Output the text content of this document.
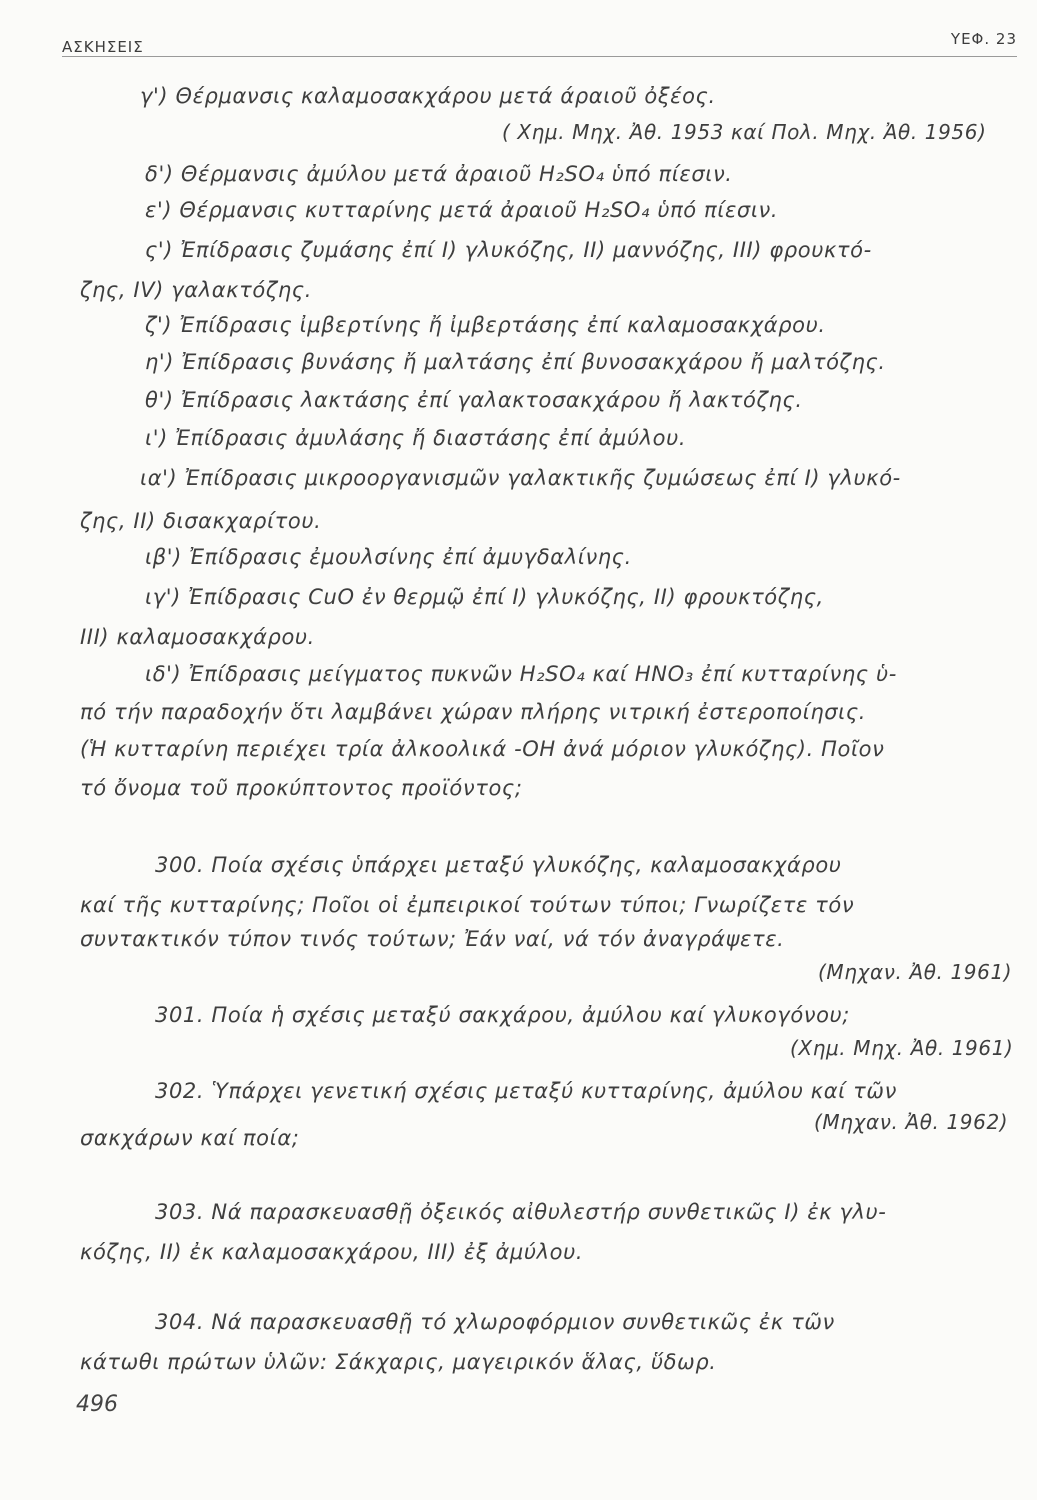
ΑΣΚΗΣΕΙΣ	ΥΕΦ. 23
γ') Θέρμανσις καλαμοσακχάρου μετά άραιοῦ ὀξέος.
( Χημ. Μηχ. Ἀθ. 1953 καί Πολ. Μηχ. Ἀθ. 1956)
δ') Θέρμανσις ἀμύλου μετά ἀραιοῦ H₂SO₄ ὑπό πίεσιν.
ε') Θέρμανσις κυτταρίνης μετά ἀραιοῦ H₂SO₄ ὑπό πίεσιν.
ς') Ἐπίδρασις ζυμάσης ἐπί Ι) γλυκόζης, ΙΙ) μαννόζης, ΙΙΙ) φρουκτό-
ζης, ΙV) γαλακτόζης.
ζ') Ἐπίδρασις ἰμβερτίνης ἤ ἰμβερτάσης ἐπί καλαμοσακχάρου.
η') Ἐπίδρασις βυνάσης ἤ μαλτάσης ἐπί βυνοσακχάρου ἤ μαλτόζης.
θ') Ἐπίδρασις λακτάσης ἐπί γαλακτοσακχάρου ἤ λακτόζης.
ι') Ἐπίδρασις ἀμυλάσης ἤ διαστάσης ἐπί ἀμύλου.
ια') Ἐπίδρασις μικροοργανισμῶν γαλακτικῆς ζυμώσεως ἐπί Ι) γλυκό-
ζης, ΙΙ) δισακχαρίτου.
ιβ') Ἐπίδρασις ἐμουλσίνης ἐπί ἀμυγδαλίνης.
ιγ') Ἐπίδρασις CuO ἐν θερμῷ ἐπί Ι) γλυκόζης, ΙΙ) φρουκτόζης,
ΙΙΙ) καλαμοσακχάρου.
ιδ') Ἐπίδρασις μείγματος πυκνῶν H₂SO₄ καί HNO₃ ἐπί κυτταρίνης ὑ-
πό τήν παραδοχήν ὅτι λαμβάνει χώραν πλήρης νιτρική ἐστεροποίησις.
(Ἡ κυτταρίνη περιέχει τρία ἀλκοολικά -OH ἀνά μόριον γλυκόζης). Ποῖον
τό ὄνομα τοῦ προκύπτοντος προϊόντος;
300. Ποία σχέσις ὑπάρχει μεταξύ γλυκόζης, καλαμοσακχάρου
καί τῆς κυτταρίνης; Ποῖοι οἱ ἐμπειρικοί τούτων τύποι; Γνωρίζετε τόν
συντακτικόν τύπον τινός τούτων; Ἐάν ναί, νά τόν ἀναγράψετε.
(Μηχαν. Ἀθ. 1961)
301. Ποία ἡ σχέσις μεταξύ σακχάρου, ἀμύλου καί γλυκογόνου;
(Χημ. Μηχ. Ἀθ. 1961)
302. Ὑπάρχει γενετική σχέσις μεταξύ κυτταρίνης, ἀμύλου καί τῶν
(Μηχαν. Ἀθ. 1962)
σακχάρων καί ποία;
303. Νά παρασκευασθῇ ὀξεικός αἰθυλεστήρ συνθετικῶς Ι) ἐκ γλυ-
κόζης, ΙΙ) ἐκ καλαμοσακχάρου, ΙΙΙ) ἐξ ἀμύλου.
304. Νά παρασκευασθῇ τό χλωροφόρμιον συνθετικῶς ἐκ τῶν
κάτωθι πρώτων ὑλῶν: Σάκχαρις, μαγειρικόν ἅλας, ὕδωρ.
496
